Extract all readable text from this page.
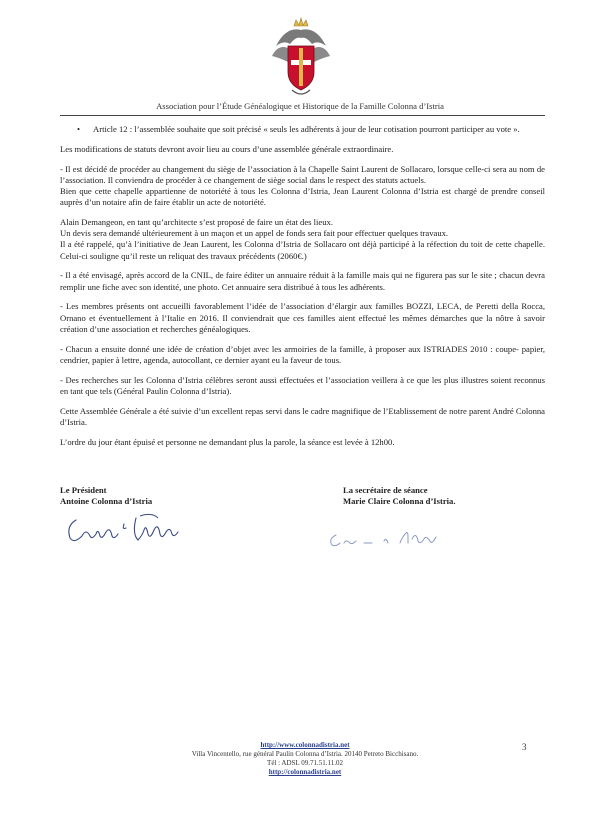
Association pour l’Étude Généalogique et Historique de la Famille Colonna d’Istria

• Article 12 : l’assemblée souhaite que soit précisé « seuls les adhérents à jour de leur cotisation pourront participer au vote ».

Les modifications de statuts devront avoir lieu au cours d’une assemblée générale extraordinaire.

- Il est décidé de procéder au changement du siège de l’association à la Chapelle Saint Laurent de Sollacaro, lorsque celle-ci sera au nom de l’association. Il conviendra de procéder à ce changement de siège social dans le respect des statuts actuels.

Bien que cette chapelle appartienne de notoriété à tous les Colonna d’Istria, Jean Laurent Colonna d’Istria est chargé de prendre conseil auprès d’un notaire afin de faire établir un acte de notoriété.

Alain Demangeon, en tant qu’architecte s’est proposé de faire un état des lieux.

Un devis sera demandé ultérieurement à un maçon et un appel de fonds sera fait pour effectuer quelques travaux.

Il a été rappelé, qu’à l’initiative de Jean Laurent, les Colonna d’Istria de Sollacaro ont déjà participé à la réfection du toit de cette chapelle. Celui-ci souligne qu’il reste un reliquat des travaux précédents (2060€.)

- Il a été envisagé, après accord de la CNIL, de faire éditer un annuaire réduit à la famille mais qui ne figurera pas sur le site ; chacun devra remplir une fiche avec son identité, une photo. Cet annuaire sera distribué à tous les adhérents.

- Les membres présents ont accueilli favorablement l’idée de l’association d’élargir aux familles BOZZI, LECA, de Peretti della Rocca, Ornano et éventuellement à l’Italie en 2016. Il conviendrait que ces familles aient effectué les mêmes démarches que la nôtre à savoir création d’une association et recherches généalogiques.

- Chacun a ensuite donné une idée de création d’objet avec les armoiries de la famille, à proposer aux ISTRIADES 2010 : coupe- papier, cendrier, papier à lettre, agenda, autocollant, ce dernier ayant eu la faveur de tous.

- Des recherches sur les Colonna d’Istria célèbres seront aussi effectuées et l’association veillera à ce que les plus illustres soient reconnus en tant que tels (Général Paulin Colonna d’Istria).

Cette Assemblée Générale a été suivie d’un excellent repas servi dans le cadre magnifique de l’Etablissement de notre parent André Colonna d’Istria.

L’ordre du jour étant épuisé et personne ne demandant plus la parole, la séance est levée à 12h00.

Le Président
Antoine Colonna d’Istria
La secrétaire de séance
Marie Claire Colonna d’Istria.
http://www.colonnadistria.net
Villa Vincentello, rue général Paulin Colonna d’Istria. 20140 Petreto Bicchisano.
Tél : ADSL 09.71.51.11.02
http://colonnadistria.net
3
